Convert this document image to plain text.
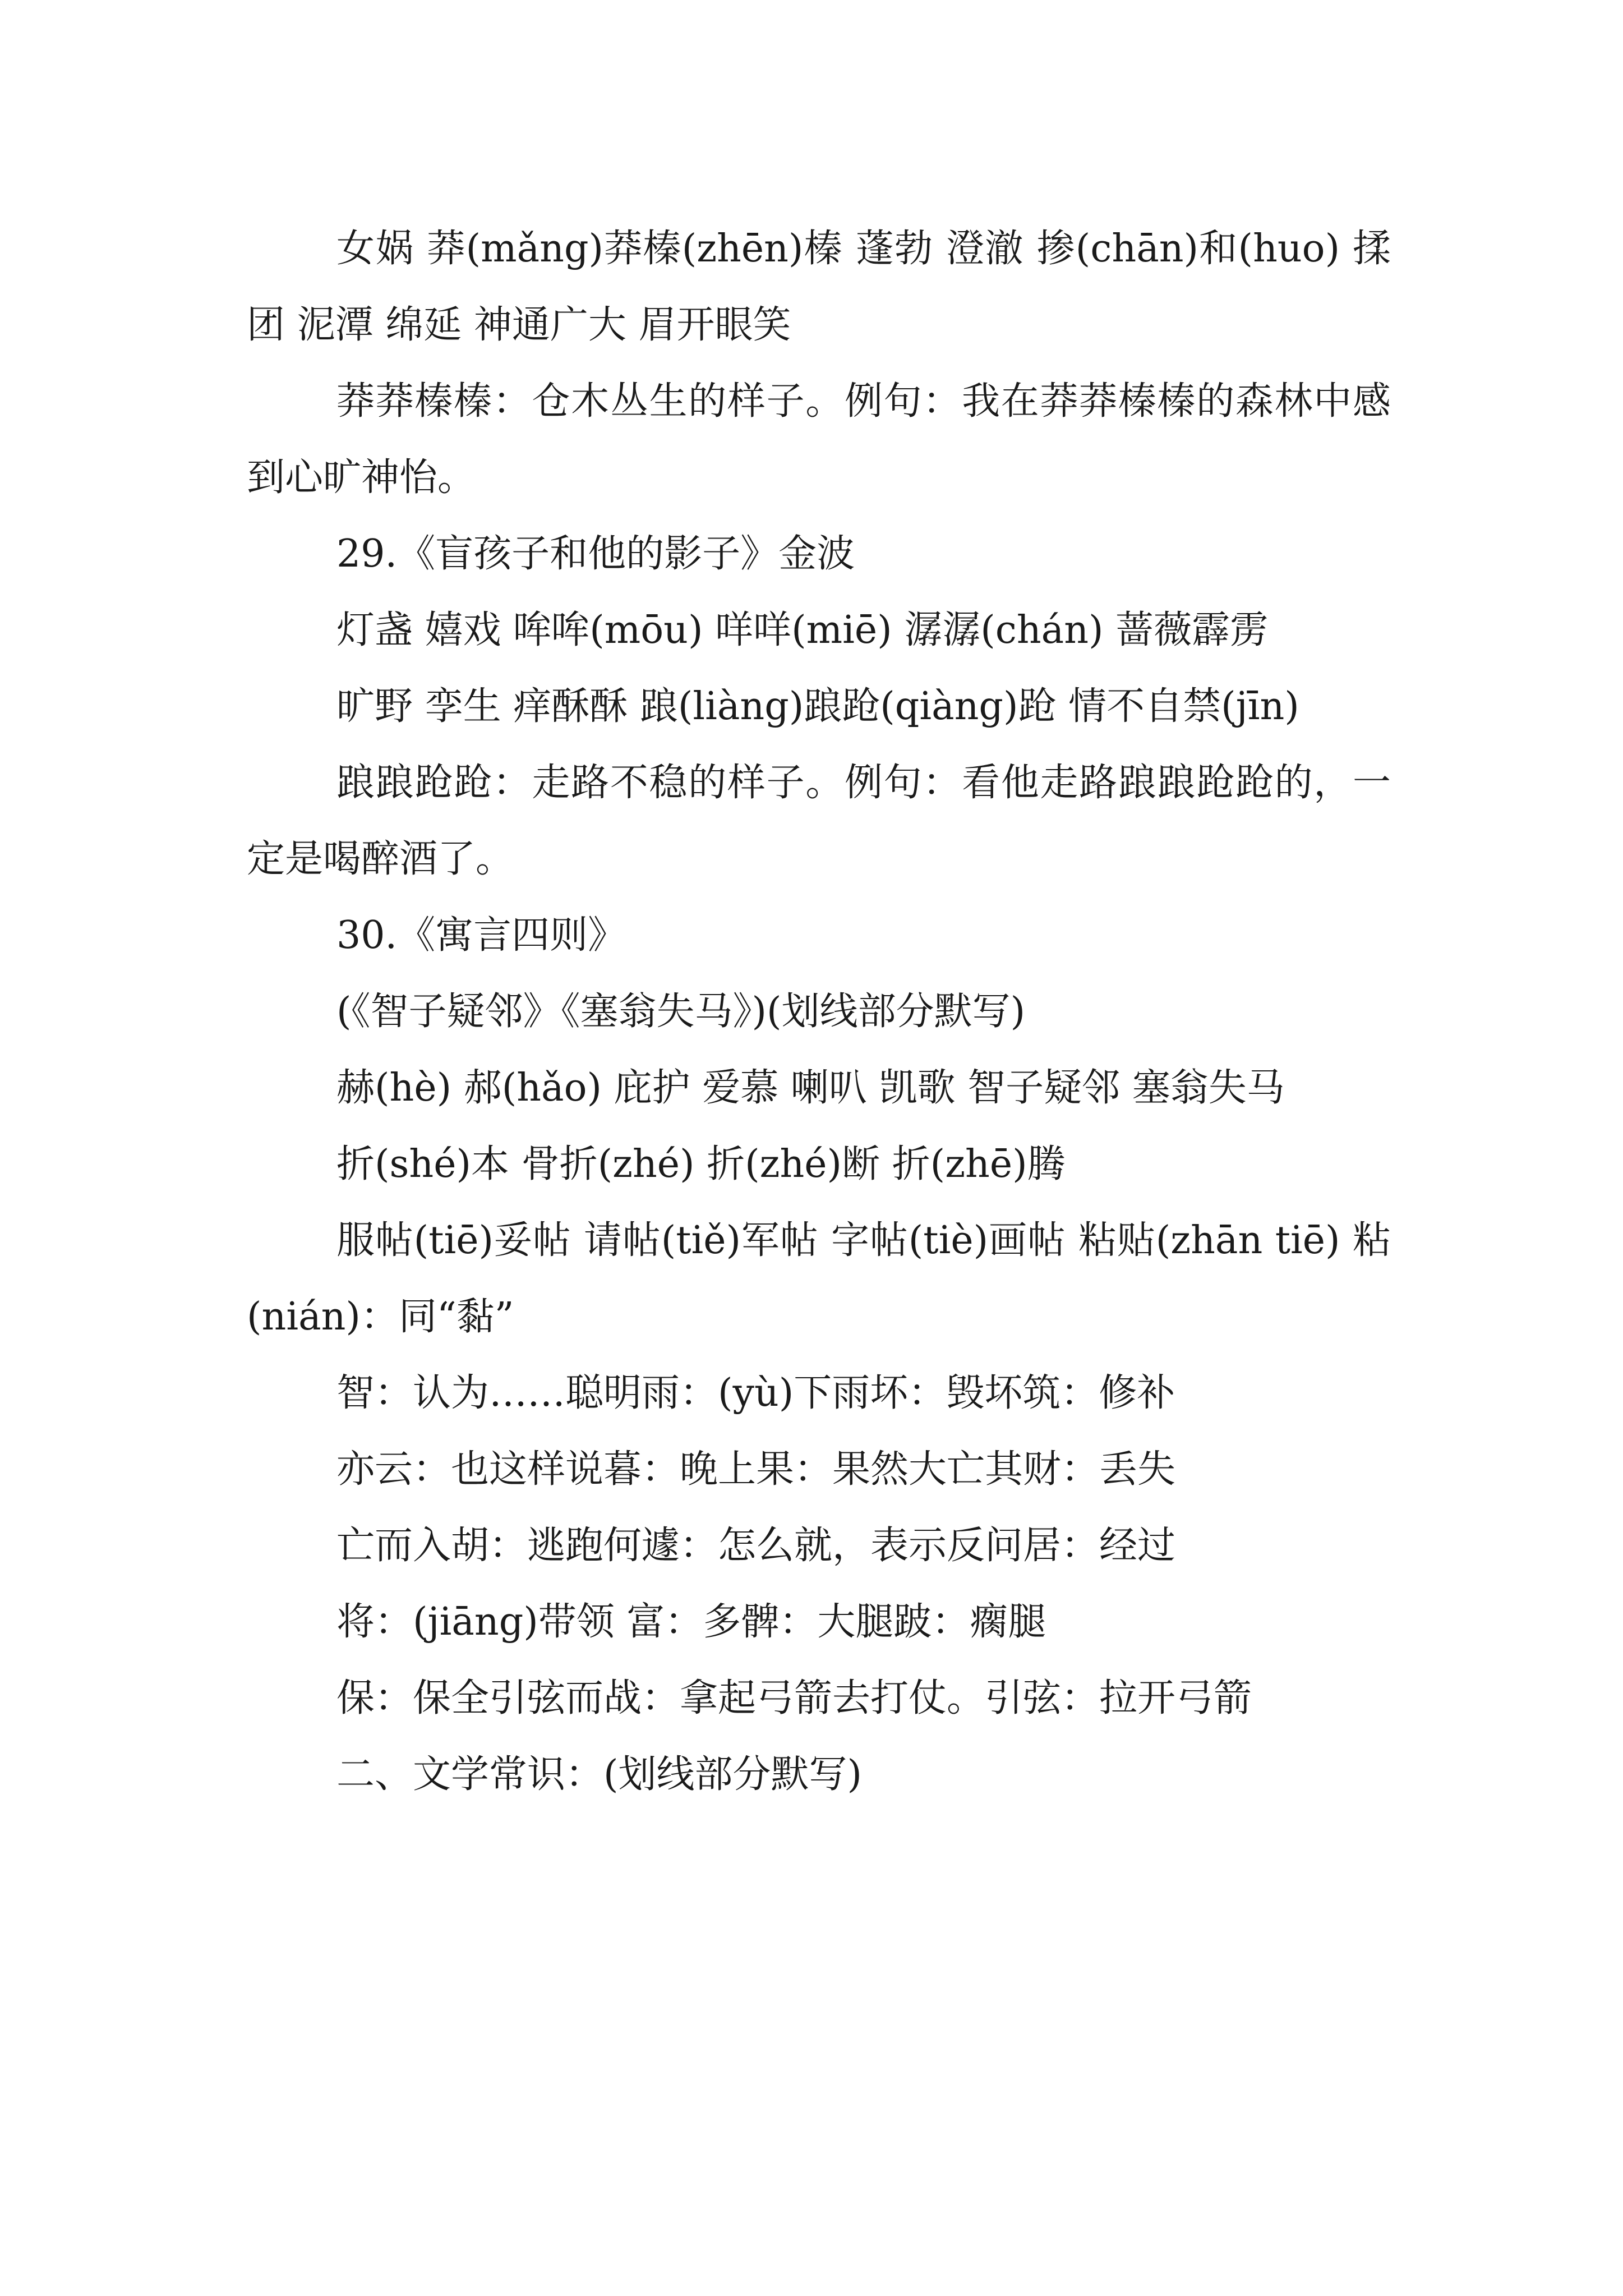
女娲 莽(mǎng)莽榛(zhēn)榛 蓬勃 澄澈 掺(chān)和(huo) 揉团 泥潭 绵延 神通广大 眉开眼笑

莽莽榛榛：仓木丛生的样子。例句：我在莽莽榛榛的森林中感到心旷神怡。

29.《盲孩子和他的影子》金波

灯盏 嬉戏 哞哞(mōu) 咩咩(miē) 潺潺(chán) 蔷薇霹雳

旷野 孪生 痒酥酥 踉(liàng)踉跄(qiàng)跄 情不自禁(jīn)

踉踉跄跄：走路不稳的样子。例句：看他走路踉踉跄跄的，一定是喝醉酒了。

30.《寓言四则》

(《智子疑邻》《塞翁失马》)(划线部分默写)

赫(hè) 郝(hǎo) 庇护 爱慕 喇叭 凯歌 智子疑邻 塞翁失马

折(shé)本 骨折(zhé) 折(zhé)断 折(zhē)腾

服帖(tiē)妥帖 请帖(tiě)军帖 字帖(tiè)画帖 粘贴(zhān tiē) 粘(nián)：同“黏”

智：认为……聪明雨：(yù)下雨坏：毁坏筑：修补

亦云：也这样说暮：晚上果：果然大亡其财：丢失

亡而入胡：逃跑何遽：怎么就，表示反问居：经过

将：(jiāng)带领 富：多髀：大腿跛：瘸腿

保：保全引弦而战：拿起弓箭去打仗。引弦：拉开弓箭

二、文学常识：(划线部分默写)
